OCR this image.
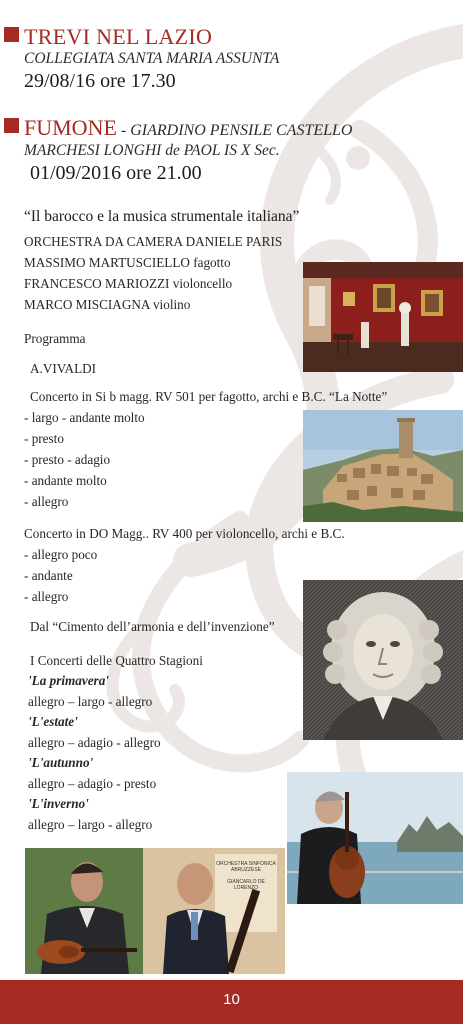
TREVI NEL LAZIO
COLLEGIATA SANTA MARIA ASSUNTA
29/08/16 ore 17.30
FUMONE - GIARDINO PENSILE CASTELLO
MARCHESI LONGHI de PAOL IS X Sec.
01/09/2016 ore 21.00
“Il barocco e la musica strumentale italiana”
ORCHESTRA DA CAMERA DANIELE PARIS
MASSIMO MARTUSCIELLO fagotto
FRANCESCO MARIOZZI violoncello
MARCO MISCIAGNA violino
Programma
A.VIVALDI
Concerto in Si b magg. RV 501 per fagotto, archi e B.C. “La Notte”
- largo - andante molto
- presto
- presto - adagio
- andante molto
- allegro
Concerto in DO Magg.. RV 400 per violoncello, archi e B.C.
- allegro poco
- andante
- allegro
Dal “Cimento dell’armonia e dell’invenzione”
I Concerti delle Quattro Stagioni
'La primavera'
allegro – largo - allegro
'L'estate'
allegro – adagio - allegro
'L'autunno'
allegro – adagio - presto
'L'inverno'
allegro – largo - allegro
ORCHESTRA SINFONICA
ABRUZZESE
GIANCARLO DE LORENZO
10
